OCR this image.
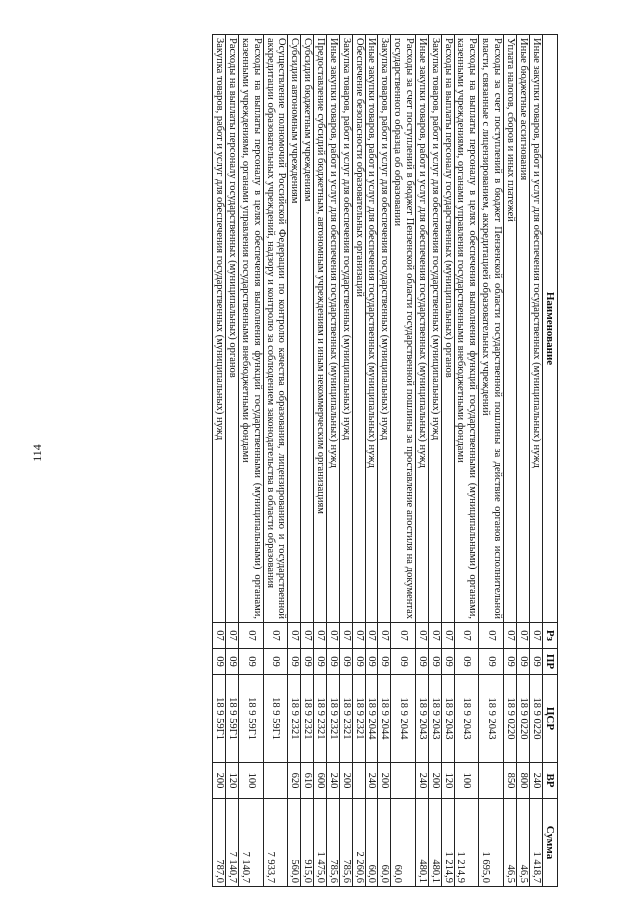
114
Наименование	Рз	ПР	ЦСР	ВР	Сумма
Иные закупки товаров, работ и услуг для обеспечения государственных (муниципальных) нужд	07	09	18 9 0220	240	1 418,7
Иные бюджетные ассигнования	07	09	18 9 0220	800	46,5
Уплата налогов, сборов и иных платежей	07	09	18 9 0220	850	46,5
Расходы за счет поступлений в бюджет Пензенской области государственной пошлины за действие органов исполнительной власти, связанные с лицензированием, аккредитацией образовательных учреждений	07	09	18 9 2043		1 695,0
Расходы на выплаты персоналу в целях обеспечения выполнения функций государственными (муниципальными) органами, казенными учреждениями, органами управления государственными внебюджетными фондами	07	09	18 9 2043	100	1 214,9
Расходы на выплаты персоналу государственных (муниципальных) органов	07	09	18 9 2043	120	1 214,9
Закупка товаров, работ и услуг для обеспечения государственных (муниципальных) нужд	07	09	18 9 2043	200	480,1
Иные закупки товаров, работ и услуг для обеспечения государственных (муниципальных) нужд	07	09	18 9 2043	240	480,1
Расходы за счет поступлений в бюджет Пензенской области государственной пошлины за проставление апостиля на документах государственного образца об образовании	07	09	18 9 2044		60,0
Закупка товаров, работ и услуг для обеспечения государственных (муниципальных) нужд	07	09	18 9 2044	200	60,0
Иные закупки товаров, работ и услуг для обеспечения государственных (муниципальных) нужд	07	09	18 9 2044	240	60,0
Обеспечение безопасности образовательных организаций	07	09	18 9 2321		2 260,6
Закупка товаров, работ и услуг для обеспечения государственных (муниципальных) нужд	07	09	18 9 2321	200	785,6
Иные закупки товаров, работ и услуг для обеспечения государственных (муниципальных) нужд	07	09	18 9 2321	240	785,6
Предоставление субсидий бюджетным, автономным учреждениям и иным некоммерческим организациям	07	09	18 9 2321	600	1 475,0
Субсидии бюджетным учреждениям	07	09	18 9 2321	610	915,0
Субсидии автономным учреждениям	07	09	18 9 2321	620	560,0
Осуществление полномочий Российской Федерации по контролю качества образования, лицензированию и государственной аккредитации образовательных учреждений, надзору и контролю за соблюдением законодательства в области образования	07	09	18 9 59Г1		7 933,7
Расходы на выплаты персоналу в целях обеспечения выполнения функций государственными (муниципальными) органами, казенными учреждениями, органами управления государственными внебюджетными фондами	07	09	18 9 59Г1	100	7 140,7
Расходы на выплаты персоналу государственных (муниципальных) органов	07	09	18 9 59Г1	120	7 140,7
Закупка товаров, работ и услуг для обеспечения государственных (муниципальных) нужд	07	09	18 9 59Г1	200	787,0
